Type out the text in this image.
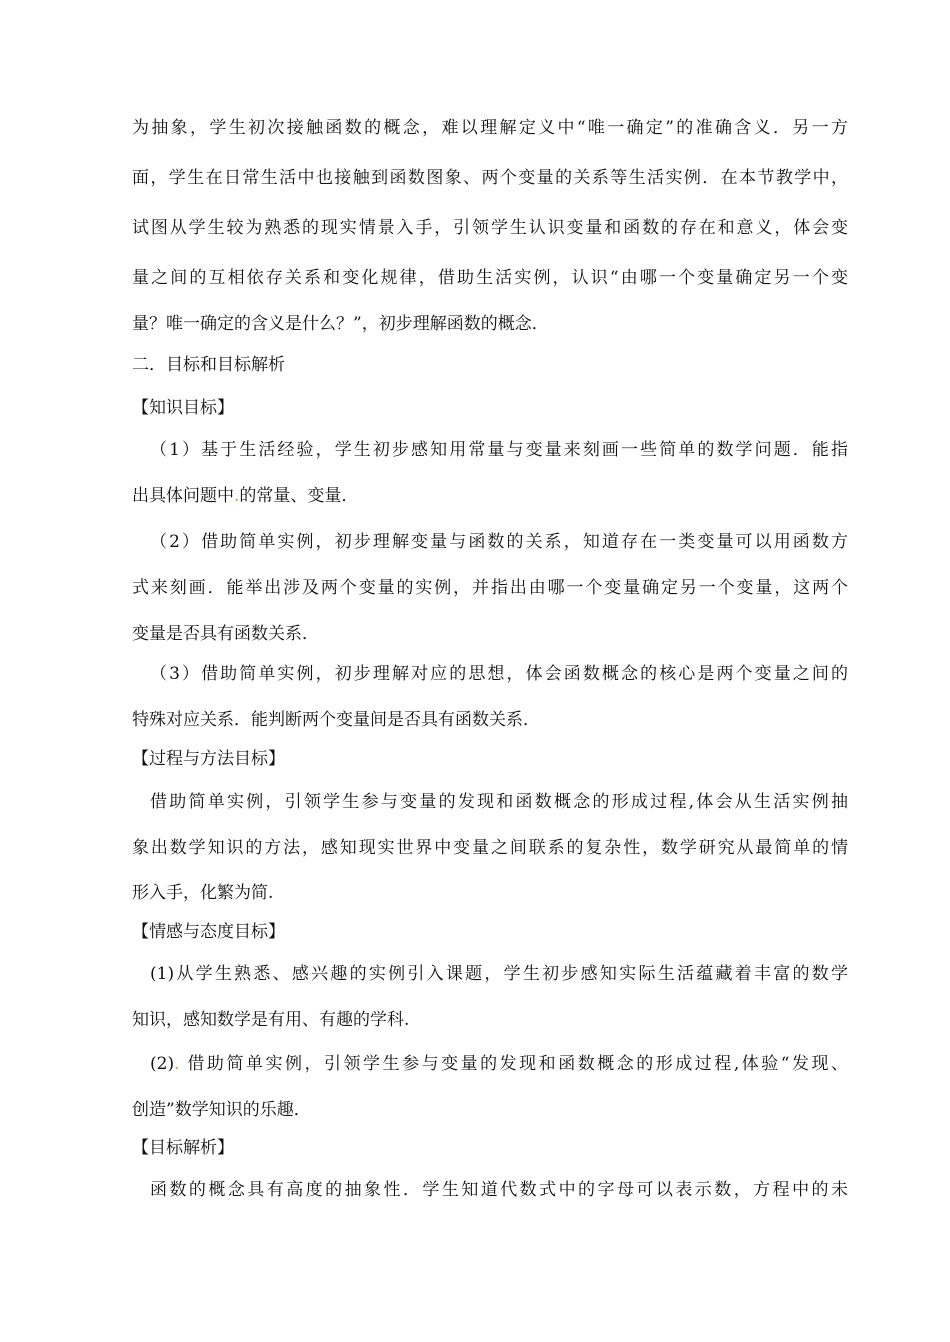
为抽象，学生初次接触函数的概念，难以理解定义中“唯一确定”的准确含义．另一方
面，学生在日常生活中也接触到函数图象、两个变量的关系等生活实例．在本节教学中，
试图从学生较为熟悉的现实情景入手，引领学生认识变量和函数的存在和意义，体会变
量之间的互相依存关系和变化规律，借助生活实例，认识“由哪一个变量确定另一个变
量？唯一确定的含义是什么？”，初步理解函数的概念．
二．目标和目标解析
【知识目标】
（1）基于生活经验，学生初步感知用常量与变量来刻画一些简单的数学问题．能指
出具体问题中.的常量、变量．
（2）借助简单实例，初步理解变量与函数的关系，知道存在一类变量可以用函数方
式来刻画．能举出涉及两个变量的实例，并指出由哪一个变量确定另一个变量，这两个
变量是否具有函数关系．
（3）借助简单实例，初步理解对应的思想，体会函数概念的核心是两个变量之间的
特殊对应关系．能判断两个变量间是否具有函数关系．
【过程与方法目标】
借助简单实例，引领学生参与变量的发现和函数概念的形成过程,体会从生活实例抽
象出数学知识的方法，感知现实世界中变量之间联系的复杂性，数学研究从最简单的情
形入手，化繁为简.
【情感与态度目标】
(1)从学生熟悉、感兴趣的实例引入课题，学生初步感知实际生活蕴藏着丰富的数学
知识，感知数学是有用、有趣的学科.
(2). 借助简单实例，引领学生参与变量的发现和函数概念的形成过程,体验“发现、
创造”数学知识的乐趣．
【目标解析】
函数的概念具有高度的抽象性．学生知道代数式中的字母可以表示数，方程中的未
